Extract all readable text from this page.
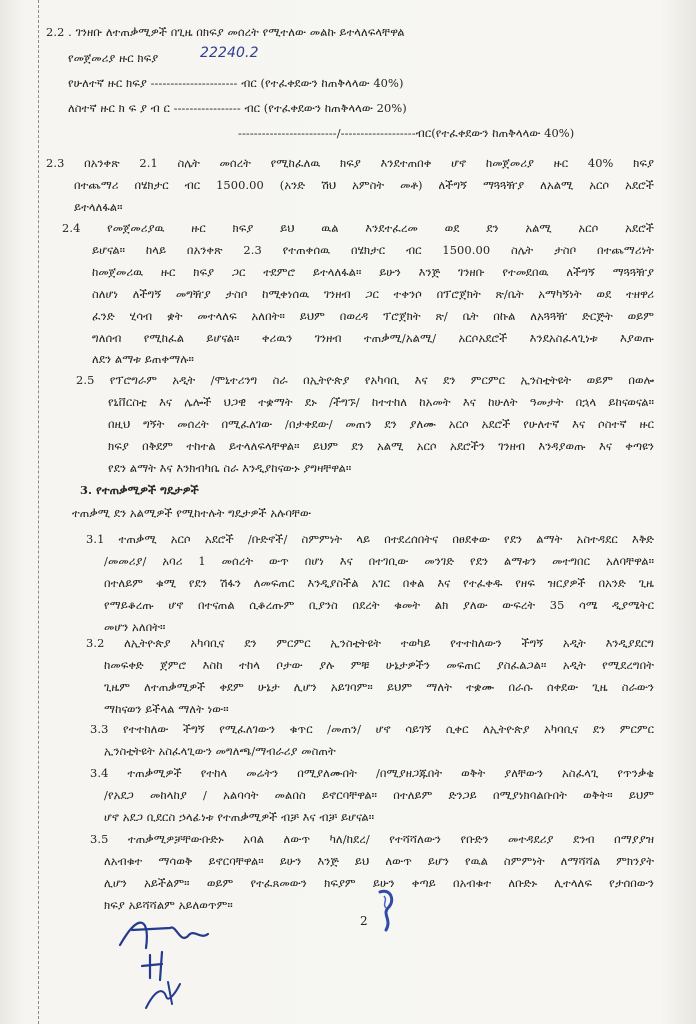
2.2 . ገንዘቡ ለተጠቃሚዎች በጊዜ በክፍያ መሰረት የሚተለው መልኩ ይተላለፍላቸዋል
የመጀመሪያ ዙር ክፍያ	22240.2
የሁለተኛ ዙር ክፍያ ---------------------- ብር (የተፈቀደውን ከጠቅላላው 40%)
ለስተኛ ዙር ክ ፍ ያ ብ ር ----------------- ብር (የተፈቀደውን ከጠቅላላው 20%)
-------------------------/-------------------ብር(የተፈቀደውን ከጠቅላላው 40%)
2.3 በአንቀጽ 2.1 ስሌት መሰረት የሚከፈለዉ ክፍያ እንደተጠበቀ ሆኖ ከመጀመሪያ ዙር 40% ክፍያ
በተጨማሪ በሄክታር ብር 1500.00 (አንድ ሽህ አምስት መቶ) ለችግኝ ማጓጓዥያ ለአልሚ አርሶ አደሮች
ይተላለፋል።
2.4 የመጀመሪያዉ ዙር ክፍያ ይህ ዉል እንደተፈረመ ወደ ደን አልሚ አርሶ አደሮች
ይሆናል። ከላይ በአንቀጽ 2.3 የተጠቀሰዉ በሄክታር ብር 1500.00 ስሌት ታስቦ በተጨማሪነት
ከመጀመሪዉ ዙር ክፍያ ጋር ተደምሮ ይተላለፋል። ይሁን እንጅ ገንዘቡ የተመደበዉ ለችግኝ ማጓጓዥያ
ስለሆነ ለችግኝ መግዥያ ታስቦ ከሚቀነሰዉ ገንዘብ ጋር ተቀንሶ በፕሮጀክት ጽ/ቤት አማካኝነት ወደ ተዘዋሪ
ፈንድ ሂሳብ ቋት መተላለፍ አለበት። ይህም በወረዳ ፕሮጀክት ጽ/ ቤት በኩል ለአጓጓዥ ድርጅት ወይም
ግለሰብ የሚከፈል ይሆናል። ቀሪዉን ገንዘብ ተጠቃሚ/አልሚ/ አርሶአደሮች እንደአስፈላጊነቱ እያወጡ
ለደን ልማቱ ይጠቀማሉ።
2.5 የፕሮግራም አዲት /ሞኒተሪንግ ስራ በኢትዮጵያ የአካባቢ እና ደን ምርምር ኢንስቲትዩት ወይም በወሎ
የኒቨርስቲ እና ሌሎች ህጋዊ ተቋማት ደኑ /ችግኙ/ ከተተከለ ከአመት እና ከሁለት ዓመታት በኋላ ይከናወናል።
በዚህ ግኝት መሰረት በሚፈለገው /በታቀደው/ መጠን ደን ያለሙ አርሶ አደሮች የሁለተኛ እና ሶስተኛ ዙር
ክፍያ በቅደም ተከተል ይተላለፍላቸዋል። ይህም ደን አልሚ አርሶ አደሮችን ገንዘብ እንዳያወጡ እና ቀጣዩን
የደን ልማት እና እንክብካቤ ስራ እንዲያከናውኑ ያግዛቸዋል።
3. የተጠቃሚዎች ግዴታዎች
ተጠቃሚ ደን አልሚዎች የሚከተሉት ግዴታዎች አሉባቸው
3.1 ተጠቃሚ አርሶ አደሮች /ቡድኖች/ ስምምነት ላይ በተደረሰበትና በፀደቀው የደን ልማት አስተዳደር እቅድ
/መመሪያ/ አባሪ 1 መሰረት ውጥ በሆነ እና በተገቢው መንገድ የደን ልማቱን መተግበር አለባቸዋል።
በተለይም ቁሚ የደን ሽፋን ለመፍጠር እንዲያስችል አገር በቀል እና የተፈቀዱ የዘፍ ዝርያዎች በአንድ ጊዜ
የማይቆረጡ ሆኖ በተናጠል ሲቆረጡም ቢያንስ በደረት ቁመት ልክ ያለው ውፍረት 35 ሳሜ ዲያሜትር
መሆን አለበት።
3.2 ለኢትዮጵያ አካባቢና ደን ምርምር ኢንስቲትዩት ተወካይ የተተከለውን ችግኝ አዲት እንዲያደርግ
ከመፍቀድ ጀምሮ እስከ ተከላ ቦታው ያሉ ምቹ ሁኔታዎችን መፍጠር ያስፈልጋል። አዲት የሚደረግበት
ጊዜም ለተጠቃሚዎች ቀደም ሁኔታ ሊሆን አይገባም። ይህም ማለት ተቋሙ በራሱ ሰቀደው ጊዜ ስራውን
ማከናወን ይችላል ማለት ነው።
3.3 የተተከለው ችግኝ የሚፈለገውን ቁጥር /መጠን/ ሆኖ ሳይገኝ ሲቀር ለኢትዮጵያ አካባቢና ደን ምርምር
ኢንስቲትዩት አስፈላጊውን መግለጫ/ማብራሪያ መስጠት
3.4 ተጠቃሚዎች የተከላ መሬትን በሚያለሙበት /በሚያዘጋጁበት ወቅት ያለቸውን አስፈላጊ የጥንቃቄ
/የአደጋ መከላከያ / አልባሳት መልበስ ይኖርባቸዋል። በተለይም ድንጋይ በሚያነክባልቡበት ወቅት። ይህም
ሆኖ አደጋ ቢደርስ ኃላፊነቱ የተጠቃሚዎች ብቻ እና ብቻ ይሆናል።
3.5 ተጠቃሚዎቻቸውቡድኑ አባል ለውጥ ካለ/ከደረ/ የተሻሻለውን የቡድን መተዳደሪያ ደንብ በማያያዝ
ለአብቁተ ማሳወቅ ይኖርባቸዋል። ይሁን እንጅ ይህ ለውጥ ይሆን የዉል ስምምነት ለማሻሻል ምክንያት
ሊሆን አይችልም። ወይም የተፈጸመውን ክፍያም ይሁን ቀጣይ በአብቁተ ለቡድኑ ሊተላለፍ የታሰበውን
ክፍያ አይሻሻልም አይለወጥም።
2
